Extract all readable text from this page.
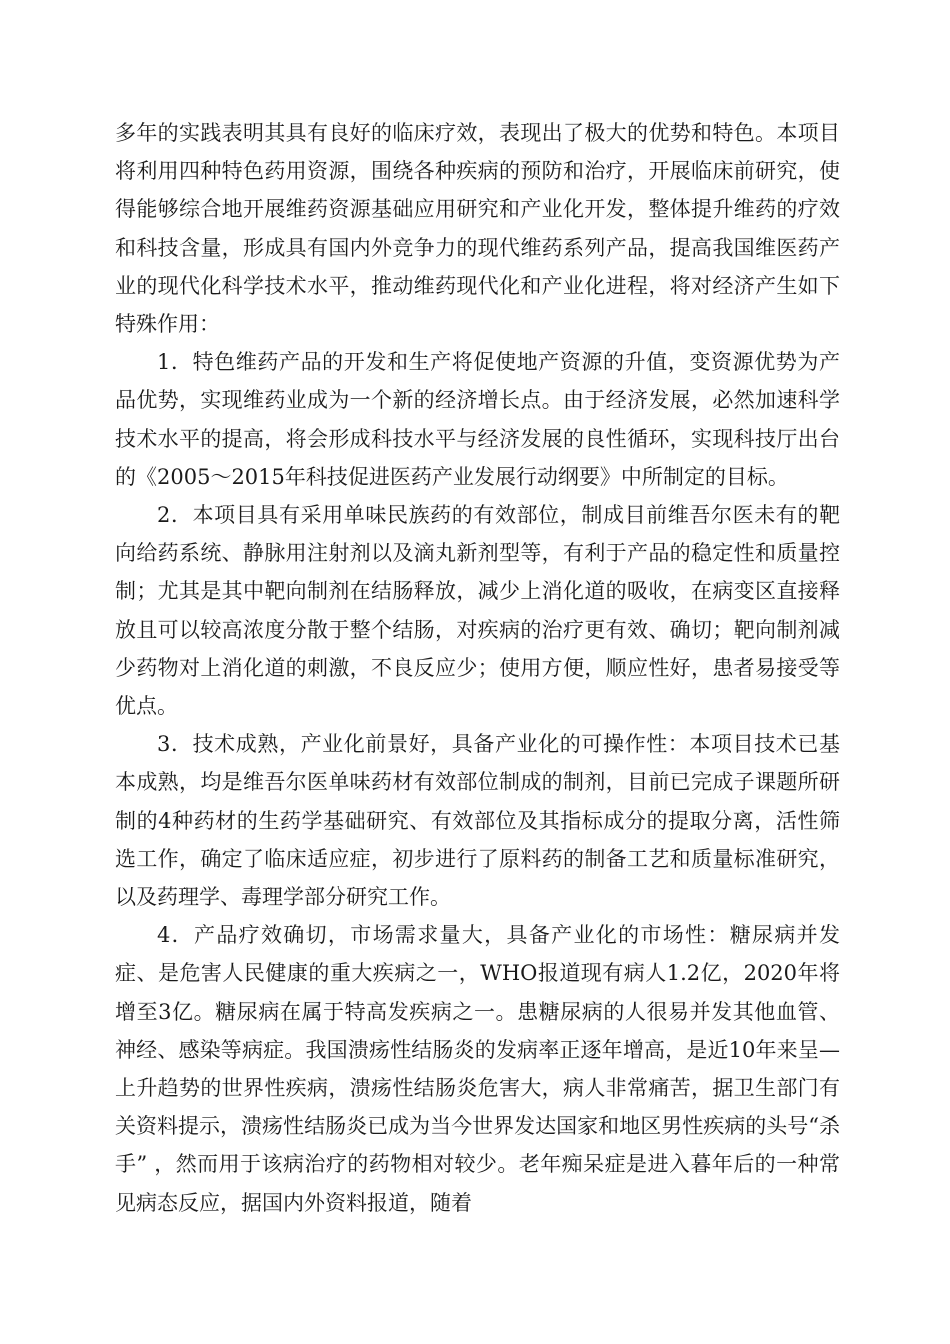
多年的实践表明其具有良好的临床疗效，表现出了极大的优势和特色。本项目将利用四种特色药用资源，围绕各种疾病的预防和治疗，开展临床前研究，使得能够综合地开展维药资源基础应用研究和产业化开发，整体提升维药的疗效和科技含量，形成具有国内外竞争力的现代维药系列产品，提高我国维医药产业的现代化科学技术水平，推动维药现代化和产业化进程，将对经济产生如下特殊作用：

1．特色维药产品的开发和生产将促使地产资源的升值，变资源优势为产品优势，实现维药业成为一个新的经济增长点。由于经济发展，必然加速科学技术水平的提高，将会形成科技水平与经济发展的良性循环，实现科技厅出台的《2005～2015年科技促进医药产业发展行动纲要》中所制定的目标。

2．本项目具有采用单味民族药的有效部位，制成目前维吾尔医未有的靶向给药系统、静脉用注射剂以及滴丸新剂型等，有利于产品的稳定性和质量控制；尤其是其中靶向制剂在结肠释放，减少上消化道的吸收，在病变区直接释放且可以较高浓度分散于整个结肠，对疾病的治疗更有效、确切；靶向制剂减少药物对上消化道的刺激，不良反应少；使用方便，顺应性好，患者易接受等优点。

3．技术成熟，产业化前景好，具备产业化的可操作性：本项目技术已基本成熟，均是维吾尔医单味药材有效部位制成的制剂，目前已完成子课题所研制的4种药材的生药学基础研究、有效部位及其指标成分的提取分离，活性筛选工作，确定了临床适应症，初步进行了原料药的制备工艺和质量标准研究，以及药理学、毒理学部分研究工作。

4．产品疗效确切，市场需求量大，具备产业化的市场性：糖尿病并发症、是危害人民健康的重大疾病之一，WHO报道现有病人1.2亿，2020年将增至3亿。糖尿病在属于特高发疾病之一。患糖尿病的人很易并发其他血管、神经、感染等病症。我国溃疡性结肠炎的发病率正逐年增高，是近10年来呈—上升趋势的世界性疾病，溃疡性结肠炎危害大，病人非常痛苦，据卫生部门有关资料提示，溃疡性结肠炎已成为当今世界发达国家和地区男性疾病的头号“杀手” ，然而用于该病治疗的药物相对较少。老年痴呆症是进入暮年后的一种常见病态反应，据国内外资料报道，随着
